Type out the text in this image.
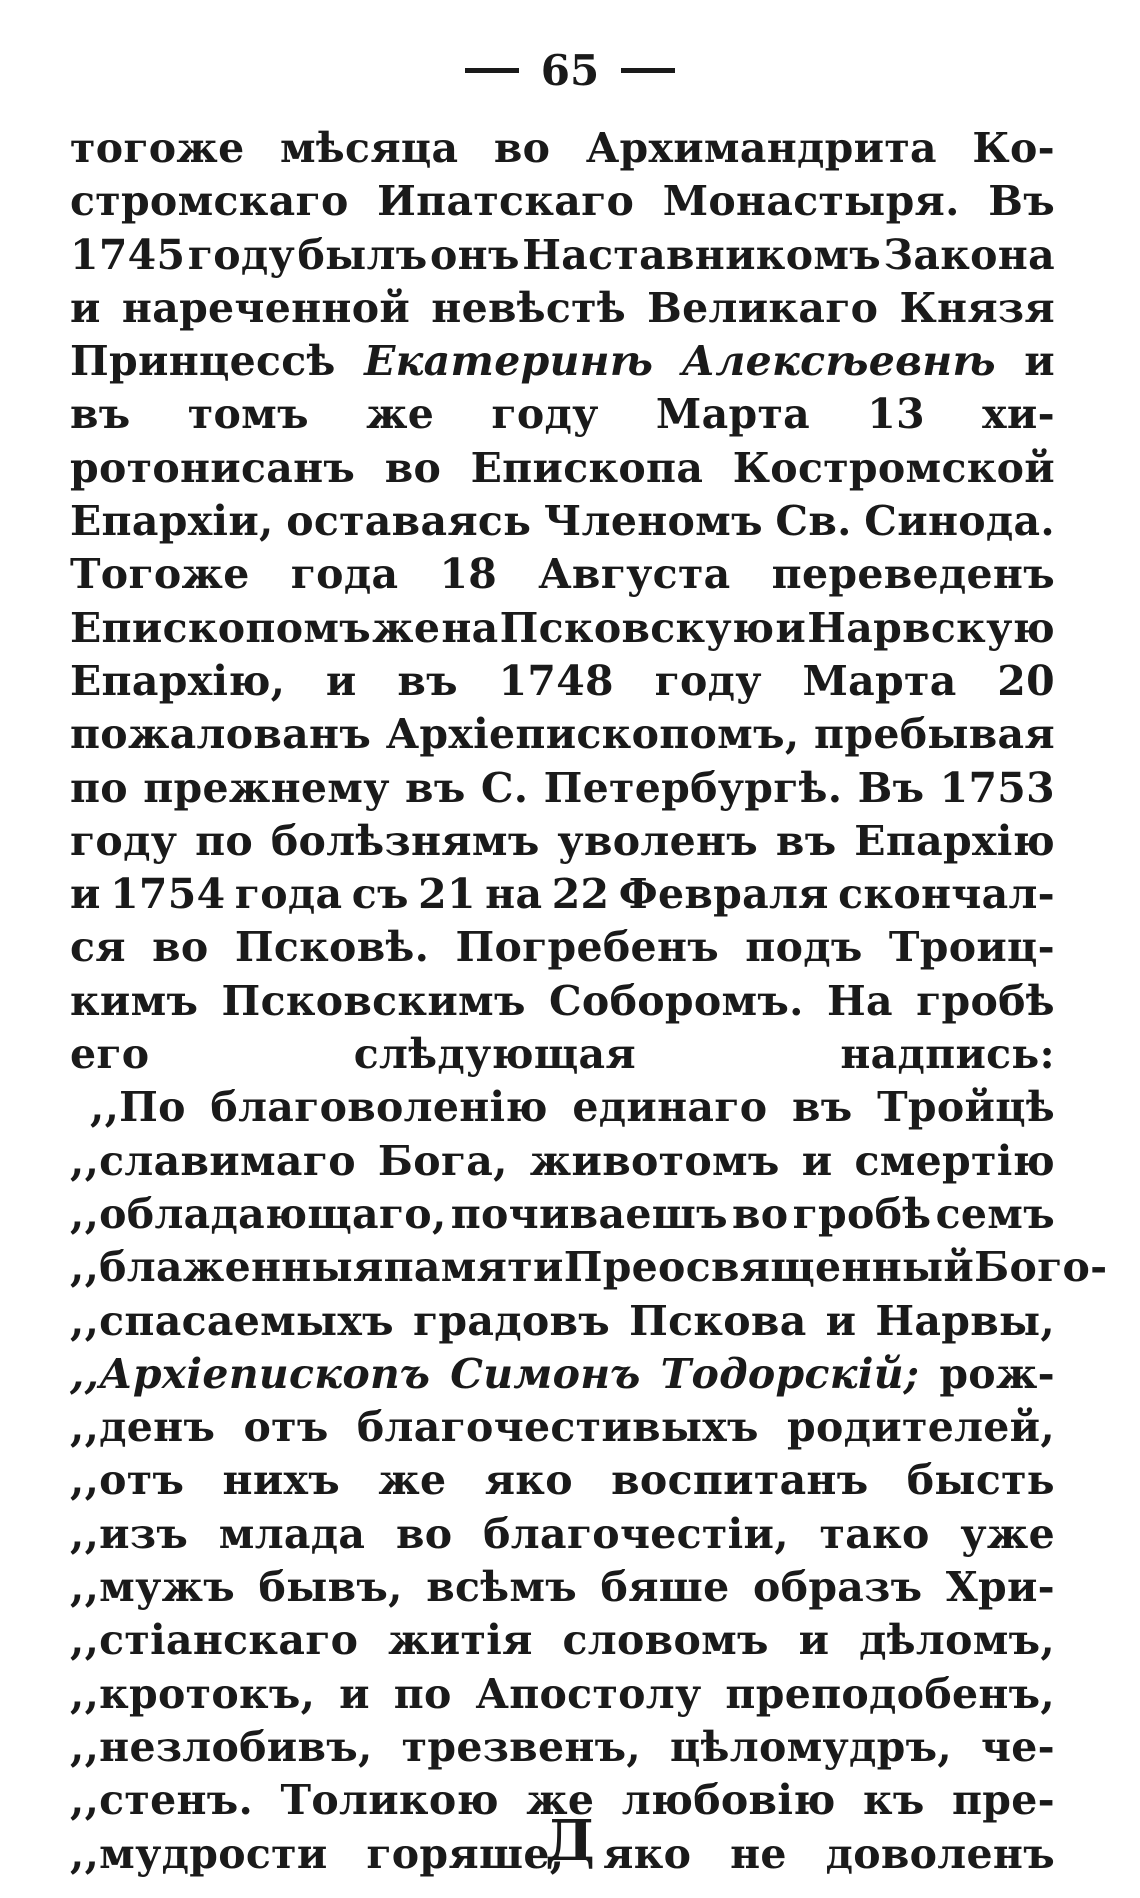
65
тогоже мѣсяца во Архимандрита Ко-
стромскаго Ипатскаго Монастыря. Въ
1745 году былъ онъ Наставникомъ Закона
и нареченной невѣстѣ Великаго Князя
Принцессѣ Екатеринѣ Алексѣевнѣ и
въ томъ же году Марта 13 хи-
ротонисанъ во Епископа Костромской
Епархіи, оставаясь Членомъ Св. Синода.
Тогоже года 18 Августа переведенъ
Епископомъ же на Псковскую и Нарвскую
Епархію, и въ 1748 году Марта 20
пожалованъ Архіепископомъ, пребывая
по прежнему въ С. Петербургѣ. Въ 1753
году по болѣзнямъ уволенъ въ Епархію
и 1754 года съ 21 на 22 Февраля скончал-
ся во Псковѣ. Погребенъ подъ Троиц-
кимъ Псковскимъ Соборомъ. На гробѣ
его	слѣдующая	надпись:
,,По благоволенію единаго въ Тройцѣ
,,славимаго Бога, животомъ и смертію
,,обладающаго, почиваешъ во гробѣ семъ
,,блаженныя памяти Преосвященный Бого-
,,спасаемыхъ градовъ Пскова и Нарвы,
,,Архіепископъ Симонъ Тодорскій; рож-
,,денъ отъ благочестивыхъ родителей,
,,отъ нихъ же яко воспитанъ бысть
,,изъ млада во благочестіи, тако уже
,,мужъ бывъ, всѣмъ бяше образъ Хри-
,,стіанскаго житія словомъ и дѣломъ,
,,кротокъ, и по Апостолу преподобенъ,
,,незлобивъ, трезвенъ, цѣломудръ, че-
,,стенъ. Толикою же любовію къ пре-
,,мудрости горяше, яко не доволенъ
Д
